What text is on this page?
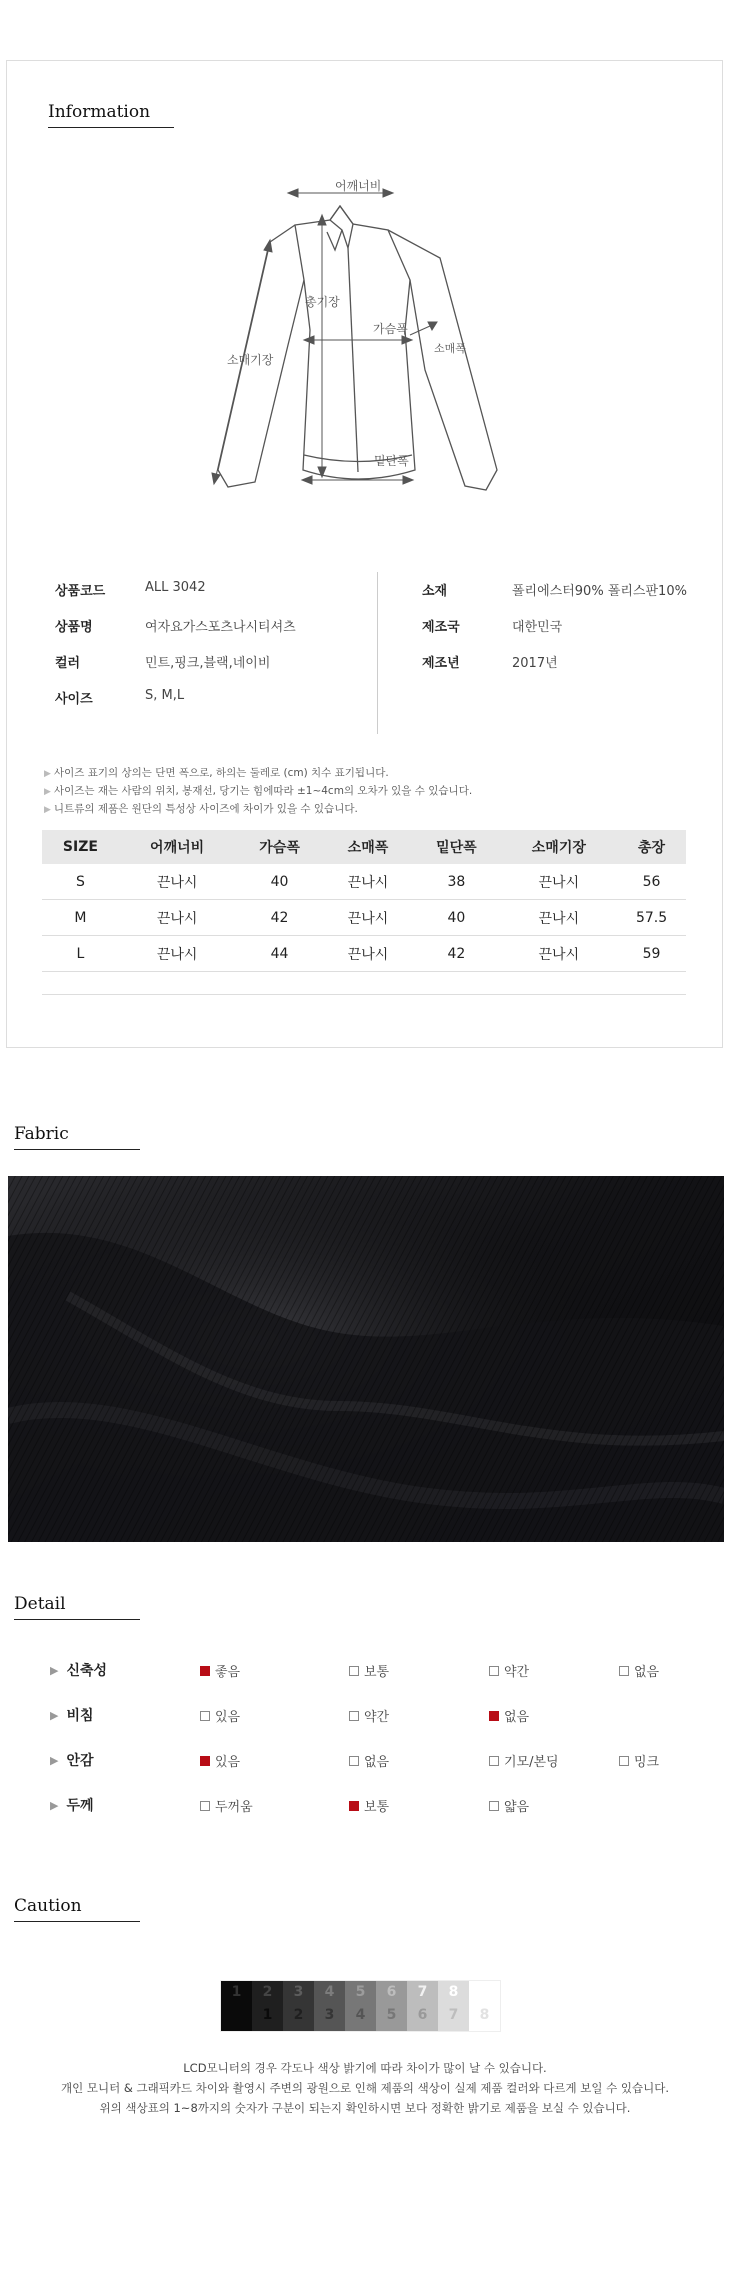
Information
어깨너비
총기장
가슴폭
소매폭
소매기장
밑단폭
상품코드	ALL 3042
상품명	여자요가스포츠나시티셔츠
컬러	민트,핑크,블랙,네이비
사이즈	S, M,L
소재	폴리에스터90% 폴리스판10%
제조국	대한민국
제조년	2017년
▶ 사이즈 표기의 상의는 단면 폭으로, 하의는 둘레로 (cm) 치수 표기됩니다.
▶ 사이즈는 재는 사람의 위치, 봉재선, 당기는 힘에따라 ±1~4cm의 오차가 있을 수 있습니다.
▶ 니트류의 제품은 원단의 특성상 사이즈에 차이가 있을 수 있습니다.
SIZE	어깨너비	가슴폭	소매폭	밑단폭	소매기장	총장
S	끈나시	40	끈나시	38	끈나시	56
M	끈나시	42	끈나시	40	끈나시	57.5
L	끈나시	44	끈나시	42	끈나시	59
Fabric
Detail
▶ 신축성	좋음	보통	약간	없음
▶ 비침	있음	약간	없음
▶ 안감	있음	없음	기모/본딩	밍크
▶ 두께	두꺼움	보통	얇음
Caution
1	2
1
3
2
4
3
5
4
6
5
7
6
8
7	8
LCD모니터의 경우 각도나 색상 밝기에 따라 차이가 많이 날 수 있습니다.
개인 모니터 & 그래픽카드 차이와 촬영시 주변의 광원으로 인해 제품의 색상이 실제 제품 컬러와 다르게 보일 수 있습니다.
위의 색상표의 1~8까지의 숫자가 구분이 되는지 확인하시면 보다 정확한 밝기로 제품을 보실 수 있습니다.
